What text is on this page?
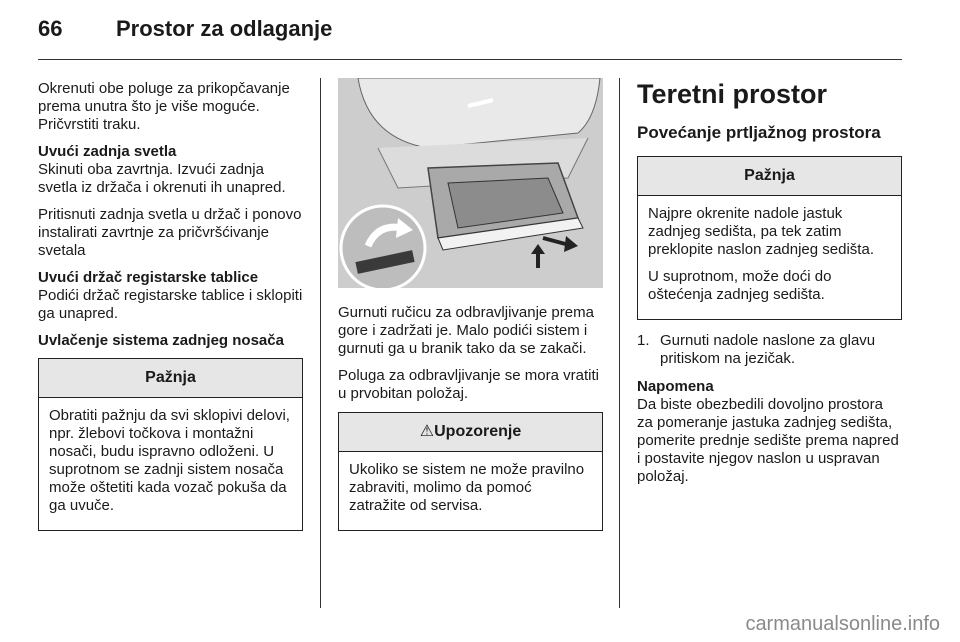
66 Prostor za odlaganje

Okrenuti obe poluge za prikopčavanje prema unutra što je više moguće. Pričvrstiti traku.

Uvući zadnja svetla

Skinuti oba zavrtnja. Izvući zadnja svetla iz držača i okrenuti ih unapred.

Pritisnuti zadnja svetla u držač i ponovo instalirati zavrtnje za pričvršćivanje svetala

Uvući držač registarske tablice

Podići držač registarske tablice i sklopiti ga unapred.

Uvlačenje sistema zadnjeg nosača
Pažnja

Obratiti pažnju da svi sklopivi delovi, npr. žlebovi točkova i montažni nosači, budu ispravno odloženi. U suprotnom se zadnji sistem nosača može oštetiti kada vozač pokuša da ga uvuče.

Gurnuti ručicu za odbravljivanje prema gore i zadržati je. Malo podići sistem i gurnuti ga u branik tako da se zakači.

Poluga za odbravljivanje se mora vratiti u prvobitan položaj.

⚠Upozorenje

Ukoliko se sistem ne može pravilno zabraviti, molimo da pomoć zatražite od servisa.

Teretni prostor
Povećanje prtljažnog prostora
Pažnja

Najpre okrenite nadole jastuk zadnjeg sedišta, pa tek zatim preklopite naslon zadnjeg sedišta.

U suprotnom, može doći do oštećenja zadnjeg sedišta.

1. Gurnuti nadole naslone za glavu pritiskom na jezičak.
Napomena

Da biste obezbedili dovoljno prostora za pomeranje jastuka zadnjeg sedišta, pomerite prednje sedište prema napred i postavite njegov naslon u uspravan položaj.

carmanualsonline.info
